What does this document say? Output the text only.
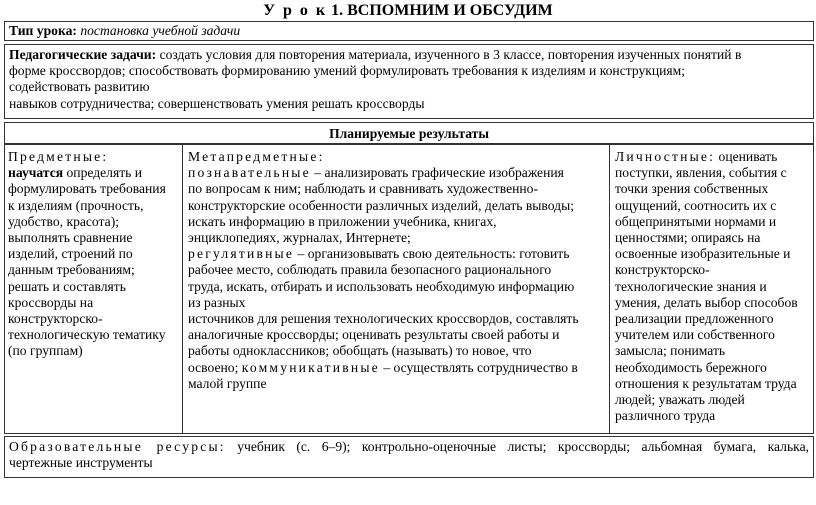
У р о к 1. ВСПОМНИМ И ОБСУДИМ
Тип урока: постановка учебной задачи
Педагогические задачи: создать условия для повторения материала, изученного в 3 классе, повторения изученных понятий в
форме кроссвордов; способствовать формированию умений формулировать требования к изделиям и конструкциям;
содействовать развитию
навыков сотрудничества; совершенствовать умения решать кроссворды
Планируемые результаты
Предметные:
научатся определять и
формулировать требования
к изделиям (прочность,
удобство, красота);
выполнять сравнение
изделий, строений по
данным требованиям;
решать и составлять
кроссворды на
конструкторско-
технологическую тематику
(по группам)
Метапредметные:
познавательные – анализировать графические изображения
по вопросам к ним; наблюдать и сравнивать художественно-
конструкторские особенности различных изделий, делать выводы;
искать информацию в приложении учебника, книгах,
энциклопедиях, журналах, Интернете;
регулятивные – организовывать свою деятельность: готовить
рабочее место, соблюдать правила безопасного рационального
труда, искать, отбирать и использовать необходимую информацию
из разных
источников для решения технологических кроссвордов, составлять
аналогичные кроссворды; оценивать результаты своей работы и
работы одноклассников; обобщать (называть) то новое, что
освоено; коммуникативные – осуществлять сотрудничество в
малой группе
Личностные: оценивать
поступки, явления, события с
точки зрения собственных
ощущений, соотносить их с
общепринятыми нормами и
ценностями; опираясь на
освоенные изобразительные и
конструкторско-
технологические знания и
умения, делать выбор способов
реализации предложенного
учителем или собственного
замысла; понимать
необходимость бережного
отношения к результатам труда
людей; уважать людей
различного труда
Образовательные ресурсы: учебник (с. 6–9); контрольно-оценочные листы; кроссворды; альбомная бумага, калька,
чертежные инструменты
